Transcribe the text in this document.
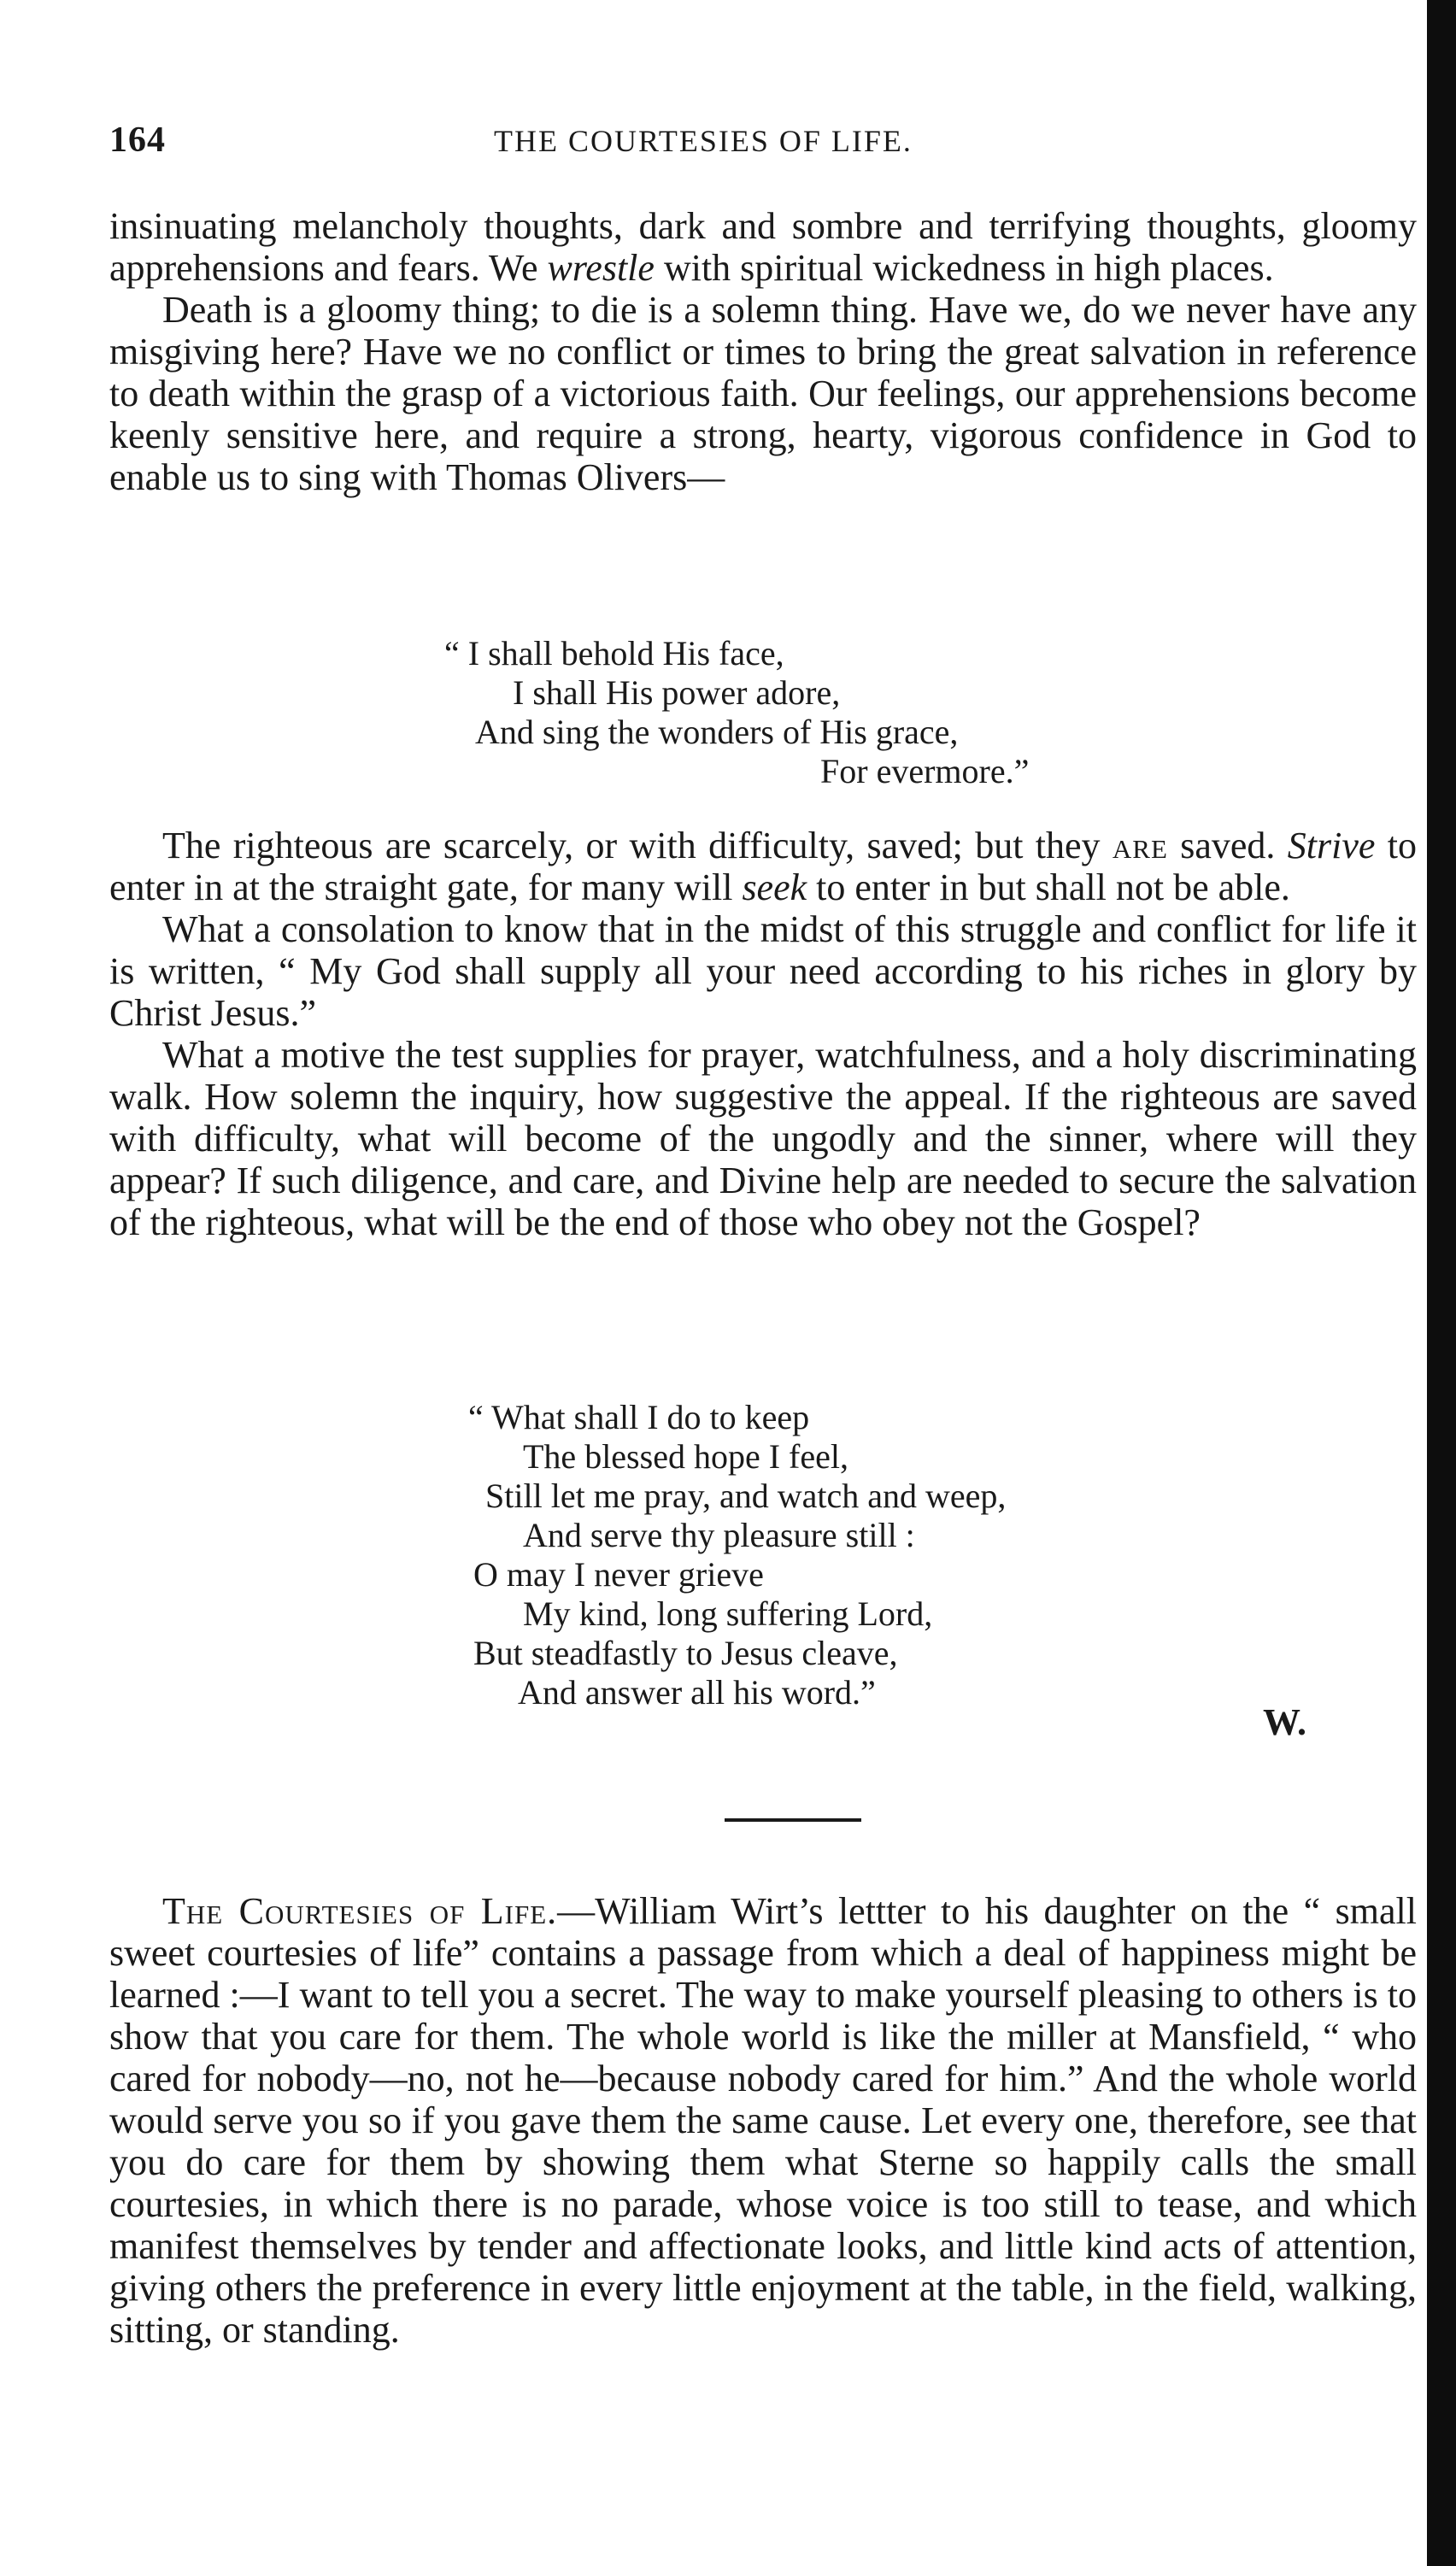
164	THE COURTESIES OF LIFE.

insinuating melancholy thoughts, dark and sombre and terrifying thoughts, gloomy apprehensions and fears. We wrestle with spiritual wickedness in high places.

Death is a gloomy thing; to die is a solemn thing. Have we, do we never have any misgiving here? Have we no conflict or times to bring the great salvation in reference to death within the grasp of a victorious faith. Our feelings, our apprehensions become keenly sensitive here, and require a strong, hearty, vigorous confidence in God to enable us to sing with Thomas Olivers—

“ I shall behold His face,
I shall His power adore,
And sing the wonders of His grace,
For evermore.”

The righteous are scarcely, or with difficulty, saved; but they are saved. Strive to enter in at the straight gate, for many will seek to enter in but shall not be able.

What a consolation to know that in the midst of this struggle and conflict for life it is written, “ My God shall supply all your need according to his riches in glory by Christ Jesus.”

What a motive the test supplies for prayer, watchfulness, and a holy discriminating walk. How solemn the inquiry, how suggestive the appeal. If the righteous are saved with difficulty, what will become of the ungodly and the sinner, where will they appear? If such diligence, and care, and Divine help are needed to secure the salvation of the righteous, what will be the end of those who obey not the Gospel?

“ What shall I do to keep
The blessed hope I feel,
Still let me pray, and watch and weep,
And serve thy pleasure still :
O may I never grieve
My kind, long suffering Lord,
But steadfastly to Jesus cleave,
And answer all his word.”
W.

The Courtesies of Life.—William Wirt’s lettter to his daughter on the “ small sweet courtesies of life” contains a passage from which a deal of happiness might be learned :—I want to tell you a secret. The way to make yourself pleasing to others is to show that you care for them. The whole world is like the miller at Mansfield, “ who cared for nobody—no, not he—because nobody cared for him.” And the whole world would serve you so if you gave them the same cause. Let every one, therefore, see that you do care for them by showing them what Sterne so happily calls the small courtesies, in which there is no parade, whose voice is too still to tease, and which manifest themselves by tender and affectionate looks, and little kind acts of attention, giving others the preference in every little enjoyment at the table, in the field, walking, sitting, or standing.
